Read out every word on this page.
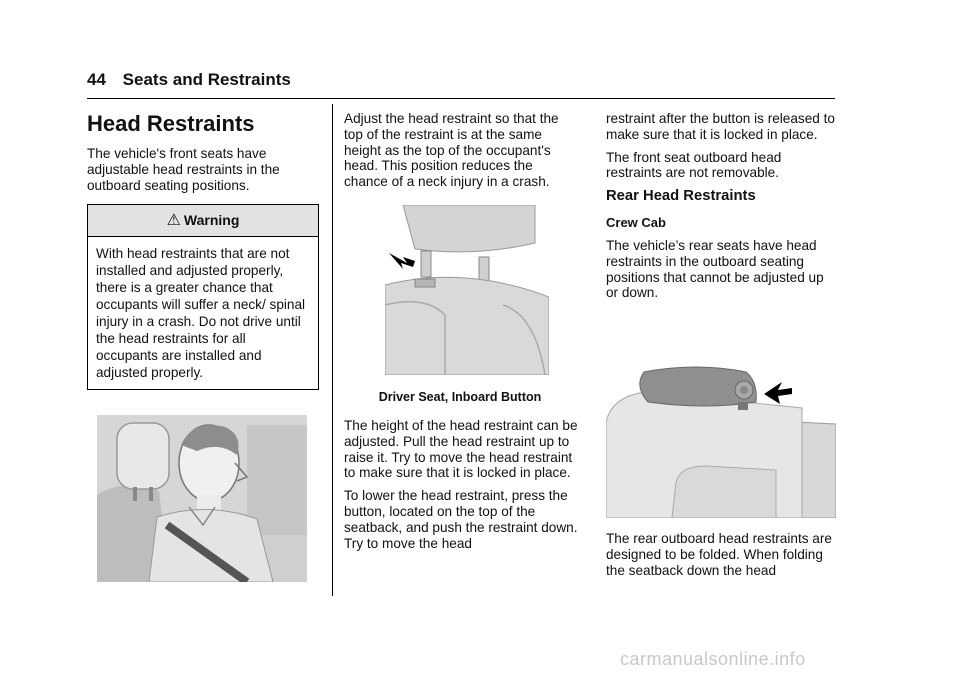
44 Seats and Restraints
Head Restraints

The vehicle's front seats have adjustable head restraints in the outboard seating positions.

⚠ Warning
With head restraints that are not installed and adjusted properly, there is a greater chance that occupants will suffer a neck/ spinal injury in a crash. Do not drive until the head restraints for all occupants are installed and adjusted properly.

Adjust the head restraint so that the top of the restraint is at the same height as the top of the occupant's head. This position reduces the chance of a neck injury in a crash.

Driver Seat, Inboard Button

The height of the head restraint can be adjusted. Pull the head restraint up to raise it. Try to move the head restraint to make sure that it is locked in place.

To lower the head restraint, press the button, located on the top of the seatback, and push the restraint down. Try to move the head

restraint after the button is released to make sure that it is locked in place.

The front seat outboard head restraints are not removable.

Rear Head Restraints
Crew Cab

The vehicle’s rear seats have head restraints in the outboard seating positions that cannot be adjusted up or down.

The rear outboard head restraints are designed to be folded. When folding the seatback down the head

carmanualsonline.info
